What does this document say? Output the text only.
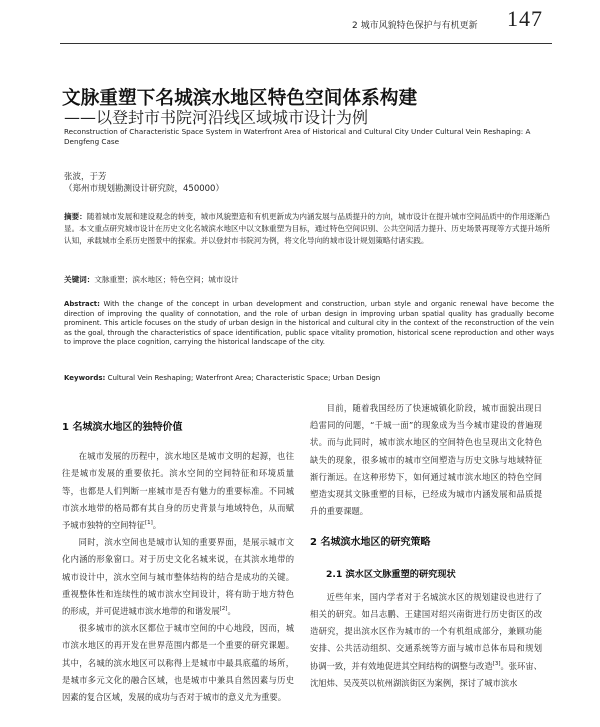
2 城市风貌特色保护与有机更新 147
文脉重塑下名城滨水地区特色空间体系构建
——以登封市书院河沿线区域城市设计为例
Reconstruction of Characteristic Space System in Waterfront Area of Historical and Cultural City Under Cultural Vein Reshaping: A Dengfeng Case
张波，于芳
（郑州市规划勘测设计研究院，450000）
摘要：随着城市发展和建设观念的转变，城市风貌塑造和有机更新成为内涵发展与品质提升的方向，城市设计在提升城市空间品质中的作用逐渐凸显。本文重点研究城市设计在历史文化名城滨水地区中以文脉重塑为目标，通过特色空间识别、公共空间活力提升、历史场景再现等方式提升场所认知，承载城市全系历史图景中的探索。并以登封市书院河为例，将文化导向的城市设计规划策略付诸实践。
关键词：文脉重塑；滨水地区；特色空间；城市设计
Abstract: With the change of the concept in urban development and construction, urban style and organic renewal have become the direction of improving the quality of connotation, and the role of urban design in improving urban spatial quality has gradually become prominent. This article focuses on the study of urban design in the historical and cultural city in the context of the reconstruction of the vein as the goal, through the characteristics of space identification, public space vitality promotion, historical scene reproduction and other ways to improve the place cognition, carrying the historical landscape of the city.
Keywords: Cultural Vein Reshaping; Waterfront Area; Characteristic Space; Urban Design
1 名城滨水地区的独特价值

在城市发展的历程中，滨水地区是城市文明的起源，也往往是城市发展的重要依托。滨水空间的空间特征和环境质量等，也都是人们判断一座城市是否有魅力的重要标准。不同城市滨水地带的格局都有其自身的历史背景与地域特色，从而赋予城市独特的空间特征[1]。

同时，滨水空间也是城市认知的重要界面，是展示城市文化内涵的形象窗口。对于历史文化名城来说，在其滨水地带的城市设计中，滨水空间与城市整体结构的结合是成功的关键。重视整体性和连续性的城市滨水空间设计，将有助于地方特色的形成，并可促进城市滨水地带的和谐发展[2]。

很多城市的滨水区都位于城市空间的中心地段，因而，城市滨水地区的再开发在世界范围内都是一个重要的研究课题。其中，名城的滨水地区可以称得上是城市中最具底蕴的场所，是城市多元文化的融合区域，也是城市中兼具自然因素与历史因素的复合区域，发展的成功与否对于城市的意义尤为重要。

目前，随着我国经历了快速城镇化阶段，城市面貌出现日趋雷同的问题，“千城一面”的现象成为当今城市建设的普遍现状。而与此同时，城市滨水地区的空间特色也呈现出文化特色缺失的现象，很多城市的城市空间塑造与历史文脉与地域特征渐行渐远。在这种形势下，如何通过城市滨水地区的特色空间塑造实现其文脉重塑的目标，已经成为城市内涵发展和品质提升的重要课题。

2 名城滨水地区的研究策略
2.1 滨水区文脉重塑的研究现状

近些年来，国内学者对于名城滨水区的规划建设也进行了相关的研究。如吕志鹏、王建国对绍兴南街进行历史街区的改造研究，提出滨水区作为城市的一个有机组成部分，兼顾功能安排、公共活动组织、交通系统等方面与城市总体布局和规划协调一致，并有效地促进其空间结构的调整与改造[3]。张环宙、沈旭炜、吴茂英以杭州湖滨街区为案例，探讨了城市滨水
